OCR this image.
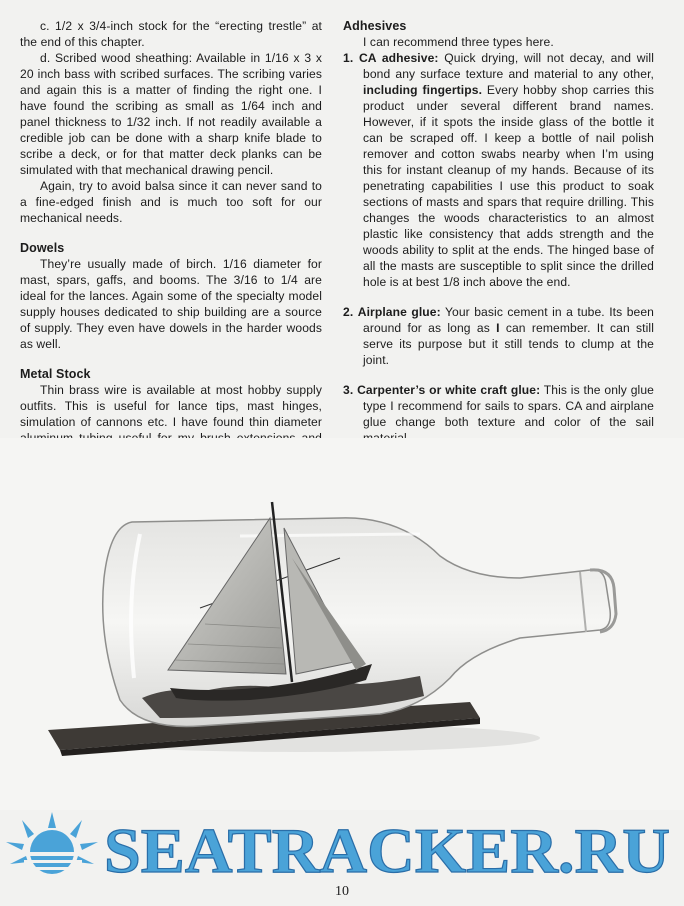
c. 1/2 x 3/4-inch stock for the “erecting trestle” at the end of this chapter.

d. Scribed wood sheathing: Available in 1/16 x 3 x 20 inch bass with scribed surfaces. The scribing varies and again this is a matter of finding the right one. I have found the scribing as small as 1/64 inch and panel thickness to 1/32 inch. If not readily available a credible job can be done with a sharp knife blade to scribe a deck, or for that matter deck planks can be simulated with that mechanical drawing pencil.

Again, try to avoid balsa since it can never sand to a fine-edged finish and is much too soft for our mechanical needs.

Dowels

They’re usually made of birch. 1/16 diameter for mast, spars, gaffs, and booms. The 3/16 to 1/4 are ideal for the lances. Again some of the specialty model supply houses dedicated to ship building are a source of supply. They even have dowels in the harder woods as well.

Metal Stock

Thin brass wire is available at most hobby supply outfits. This is useful for lance tips, mast hinges, simulation of cannons etc. I have found thin diameter

Adhesives

I can recommend three types here.

1. CA adhesive: Quick drying, will not decay, and will bond any surface texture and material to any other, including fingertips. Every hobby shop carries this product under several different brand names. However, if it spots the inside glass of the bottle it can be scraped off. I keep a bottle of nail polish remover and cotton swabs nearby when I’m using this for instant cleanup of my hands. Because of its penetrating capabilities I use this product to soak sections of masts and spars that require drilling. This changes the woods characteristics to an almost plastic like consistency that adds strength and the woods ability to split at the ends. The hinged base of all the masts are susceptible to split since the drilled hole is at best 1/8 inch above the end.

2. Airplane glue: Your basic cement in a tube. Its been around for as long as I can remember. It can still serve its purpose but it still tends to clump at the joint.

3. Carpenter’s or white craft glue: This is the only glue type I recommend for sails to spars. CA and airplane glue change both texture and color of the sail

SEATRACKER.RU
10
